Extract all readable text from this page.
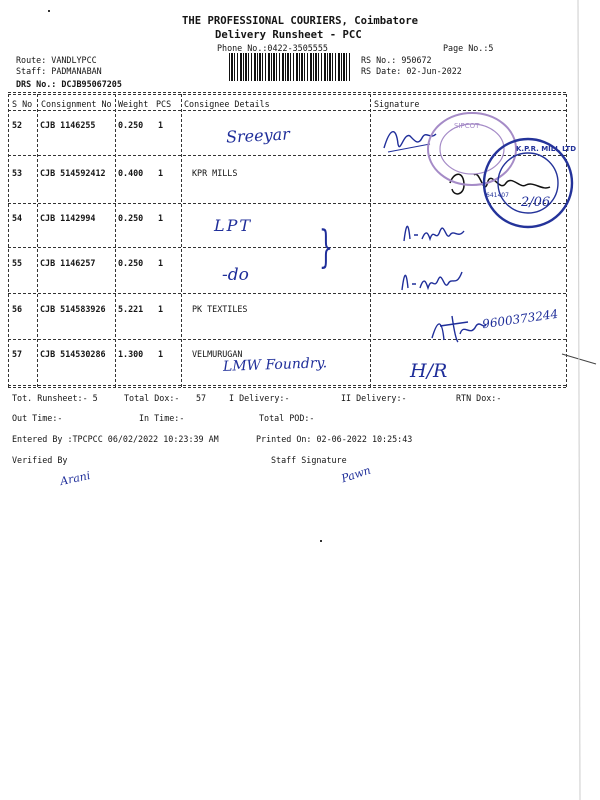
THE PROFESSIONAL COURIERS, Coimbatore
Delivery Runsheet - PCC
Phone No.:0422-3505555	Page No.:5
Route: VANDLYPCC
Staff: PADMANABAN
DRS No.: DCJB95067205
RS No.: 950672
RS Date: 02-Jun-2022
S No Consignment No Weight PCS Consignee Details	Signature
52 CJB 1146255	0.250 1
53 CJB 514592412 0.400 1	KPR MILLS
54 CJB 1142994	0.250 1
55 CJB 1146257	0.250 1
56 CJB 514583926 5.221 1	PK TEXTILES
57 CJB 514530286 1.300 1	VELMURUGAN
Tot. Runsheet:- 5	Total Dox:- 57	I Delivery:-	II Delivery:-	RTN Dox:-
Out Time:-	In Time:-	Total POD:-
Entered By :TPCPCC 06/02/2022 10:23:39 AM	Printed On: 02-06-2022 10:25:43
Verified By	Staff Signature
Sreeyar
LPT }
-do
LMW Foundry.
9600373244
H/R
2/06
Arani	Pawn
SIPCOT
K.P.R. MILL LTD
641407
